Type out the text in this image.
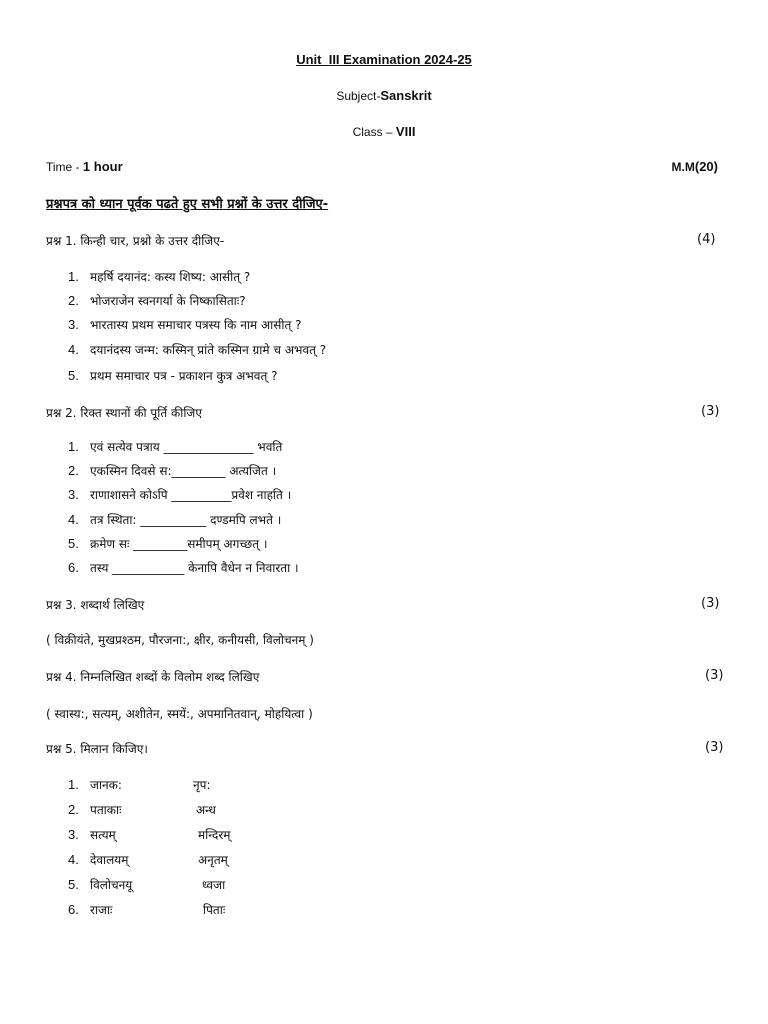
Unit III Examination 2024-25
Subject-Sanskrit
Class – VIII
Time - 1 hour	M.M(20)
प्रश्नपत्र को ध्यान पूर्वक पढते हुए सभी प्रश्नों के उत्तर दीजिए-
प्रश्न 1. किन्ही चार, प्रश्नो के उत्तर दीजिए-	(4)
1. महर्षि दयानंद: कस्य शिष्य: आसीत् ?
2. भोजराजेन स्वनगर्या के निष्कासिताः?
3. भारतास्य प्रथम समाचार पत्रस्य कि नाम आसीत् ?
4. दयानंदस्य जन्म: कस्मिन् प्रांते कस्मिन ग्रामे च अभवत् ?
5. प्रथम समाचार पत्र - प्रकाशन कुत्र अभवत् ?
प्रश्न 2. रिक्त स्थानों की पूर्ति कीजिए	(3)
1. एवं सत्येव पत्राय _______________ भवति
2. एकस्मिन दिवसे स:_________ अत्यजित ।
3. राणाशासने कोऽपि __________प्रवेश नाहति ।
4. तत्र स्थिता: ___________ दण्डमपि लभते ।
5. क्रमेण सः _________समीपम् अगच्छत् ।
6. तस्य ____________ केनापि वैधेन न निवारता ।
प्रश्न 3. शब्दार्थ लिखिए	(3)
( विक्रीयंते, मुखप्रश्ठम, पौरजना:, क्षीर, कनीयसी, विलोचनम् )
प्रश्न 4. निम्नलिखित शब्दों के विलोम शब्द लिखिए	(3)
( स्वास्य:, सत्यम्, अशीतेन, स्मयें:, अपमानितवान्, मोहयित्वा )
प्रश्न 5. मिलान किजिए।	(3)
1. जानक:	नृप:
2. पताकाः	अन्ध
3. सत्यम्	मन्दिरम्
4. देवालयम्	अनृतम्
5. विलोचनयू	ध्वजा
6. राजाः	पिताः
